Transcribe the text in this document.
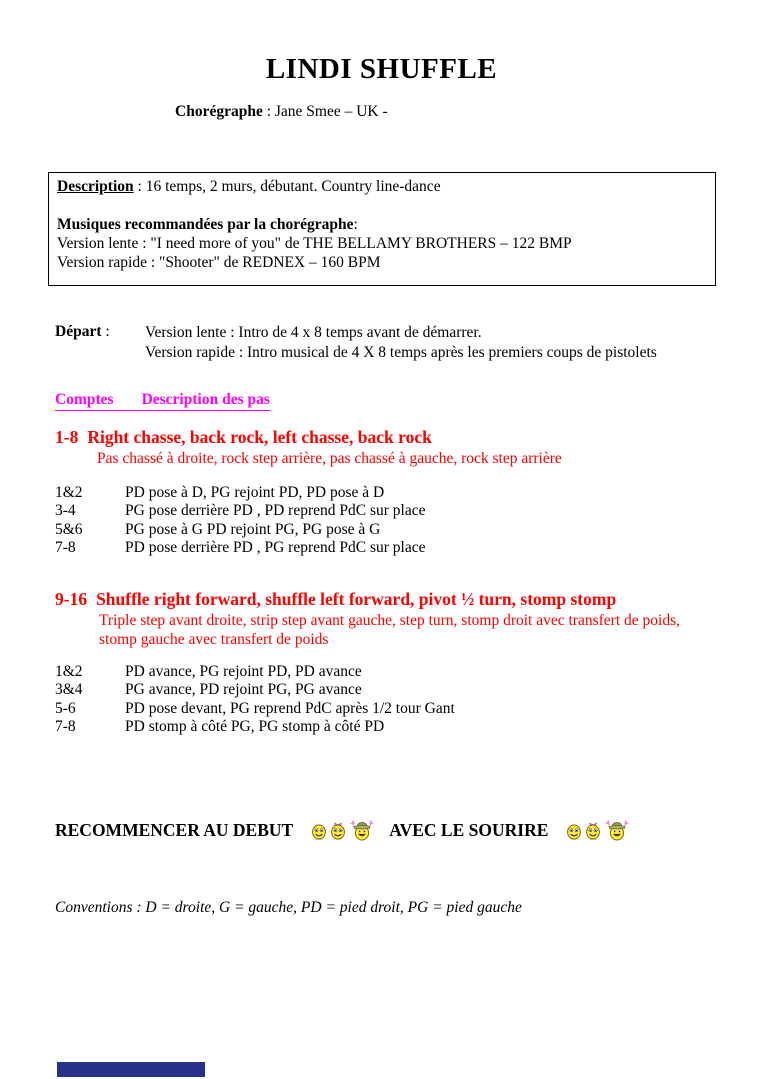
LINDI SHUFFLE

Chorégraphe : Jane Smee – UK -

Description : 16 temps, 2 murs, débutant. Country line-dance
Musiques recommandées par la chorégraphe:
Version lente : "I need more of you" de THE BELLAMY BROTHERS – 122 BMP
Version rapide : "Shooter" de REDNEX – 160 BPM

Départ : Version lente : Intro de 4 x 8 temps avant de démarrer.
Version rapide : Intro musical de 4 X 8 temps après les premiers coups de pistolets
Comptes Description des pas
1-8 Right chasse, back rock, left chasse, back rock
Pas chassé à droite, rock step arrière, pas chassé à gauche, rock step arrière
1&2	PD pose à D, PG rejoint PD, PD pose à D
3-4	PG pose derrière PD , PD reprend PdC sur place
5&6	PG pose à G PD rejoint PG, PG pose à G
7-8	PD pose derrière PD , PG reprend PdC sur place
9-16 Shuffle right forward, shuffle left forward, pivot ½ turn, stomp stomp
Triple step avant droite, strip step avant gauche, step turn, stomp droit avec transfert de poids,
stomp gauche avec transfert de poids
1&2	PD avance, PG rejoint PD, PD avance
3&4	PG avance, PD rejoint PG, PG avance
5-6	PD pose devant, PG reprend PdC après 1/2 tour Gant
7-8	PD stomp à côté PG, PG stomp à côté PD
RECOMMENCER AU DEBUT	AVEC LE SOURIRE

Conventions : D = droite, G = gauche, PD = pied droit, PG = pied gauche
